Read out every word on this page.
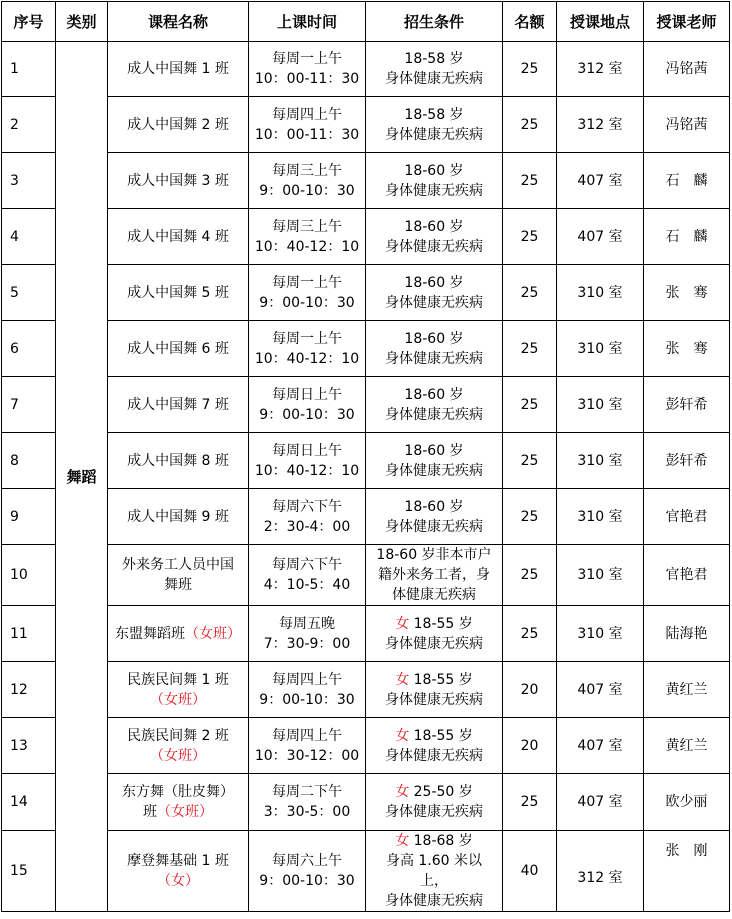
序号	类别	课程名称	上课时间	招生条件	名额	授课地点	授课老师
1	舞蹈	成人中国舞 1 班	每周一上午
10：00-11：30	18-58 岁
身体健康无疾病	25	312 室	冯铭茜
2		成人中国舞 2 班	每周四上午
10：00-11：30	18-58 岁
身体健康无疾病	25	312 室	冯铭茜
3		成人中国舞 3 班	每周三上午
9：00-10：30	18-60 岁
身体健康无疾病	25	407 室	石　麟
4		成人中国舞 4 班	每周三上午
10：40-12：10	18-60 岁
身体健康无疾病	25	407 室	石　麟
5		成人中国舞 5 班	每周一上午
9：00-10：30	18-60 岁
身体健康无疾病	25	310 室	张　骞
6		成人中国舞 6 班	每周一上午
10：40-12：10	18-60 岁
身体健康无疾病	25	310 室	张　骞
7		成人中国舞 7 班	每周日上午
9：00-10：30	18-60 岁
身体健康无疾病	25	310 室	彭轩希
8		成人中国舞 8 班	每周日上午
10：40-12：10	18-60 岁
身体健康无疾病	25	310 室	彭轩希
9		成人中国舞 9 班	每周六下午
2：30-4：00	18-60 岁
身体健康无疾病	25	310 室	官艳君
10		外来务工人员中国
舞班	每周六下午
4：10-5：40	18-60 岁非本市户
籍外来务工者，身
体健康无疾病	25	310 室	官艳君
11		东盟舞蹈班（女班）	每周五晚
7：30-9：00	女 18-55 岁
身体健康无疾病	25	310 室	陆海艳
12		民族民间舞 1 班
（女班）	每周四上午
9：00-10：30	女 18-55 岁
身体健康无疾病	20	407 室	黄红兰
13		民族民间舞 2 班
（女班）	每周四上午
10：30-12：00	女 18-55 岁
身体健康无疾病	20	407 室	黄红兰
14		东方舞（肚皮舞）
班（女班）	每周二下午
3：30-5：00	女 25-50 岁
身体健康无疾病	25	407 室	欧少丽
15		摩登舞基础 1 班
（女）	每周六上午
9：00-10：30	女 18-68 岁
身高 1.60 米以
上，
身体健康无疾病	40	312 室	张　刚
